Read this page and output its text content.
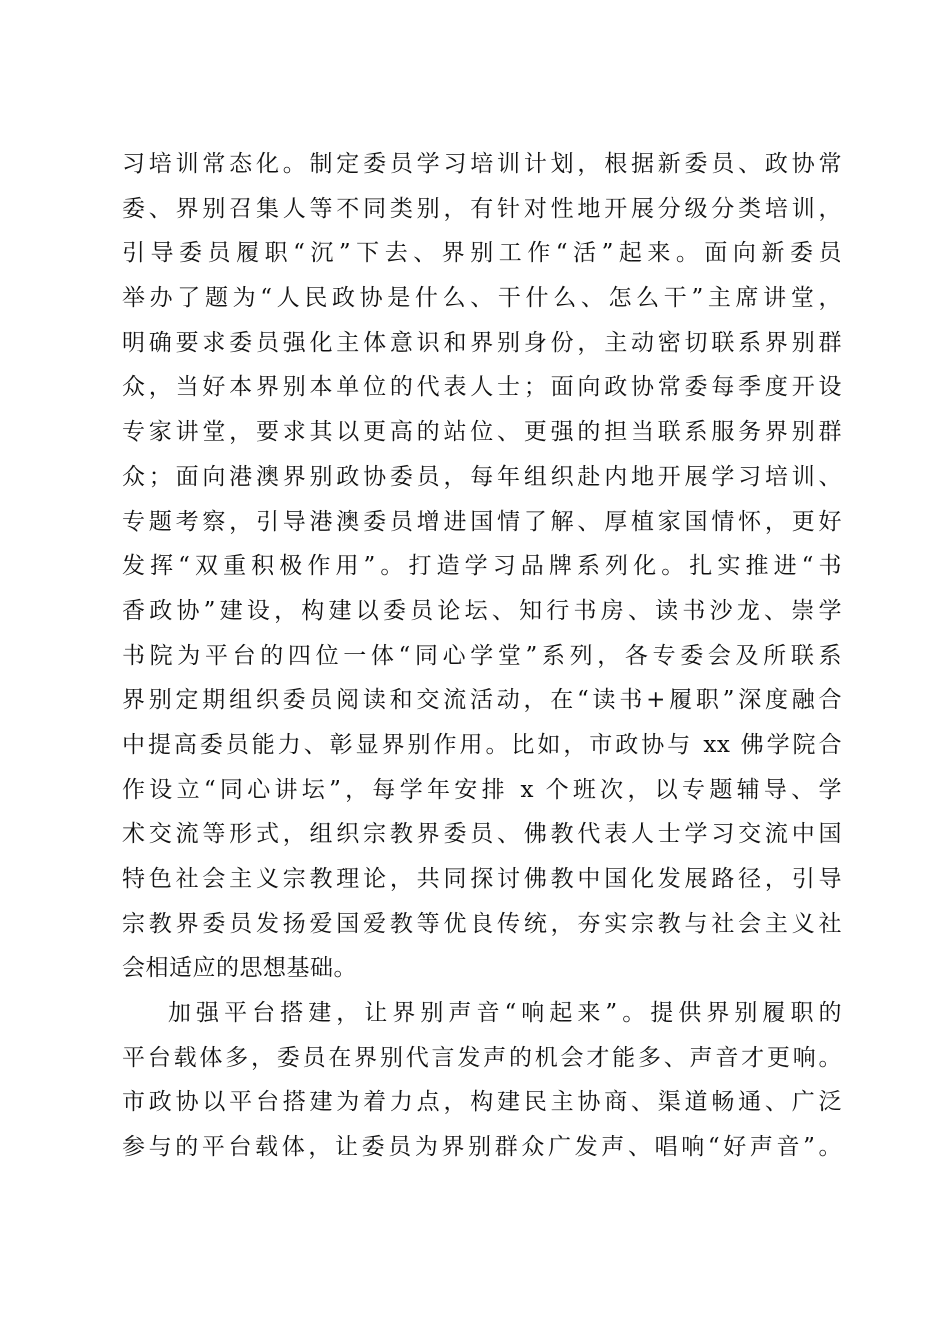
习培训常态化。制定委员学习培训计划，根据新委员、政协常
委、界别召集人等不同类别，有针对性地开展分级分类培训，
引导委员履职“沉”下去、界别工作“活”起来。面向新委员
举办了题为“人民政协是什么、干什么、怎么干”主席讲堂，
明确要求委员强化主体意识和界别身份，主动密切联系界别群
众，当好本界别本单位的代表人士；面向政协常委每季度开设
专家讲堂，要求其以更高的站位、更强的担当联系服务界别群
众；面向港澳界别政协委员，每年组织赴内地开展学习培训、
专题考察，引导港澳委员增进国情了解、厚植家国情怀，更好
发挥“双重积极作用”。打造学习品牌系列化。扎实推进“书
香政协”建设，构建以委员论坛、知行书房、读书沙龙、崇学
书院为平台的四位一体“同心学堂”系列，各专委会及所联系
界别定期组织委员阅读和交流活动，在“读书+履职”深度融合
中提高委员能力、彰显界别作用。比如，市政协与 xx 佛学院合
作设立“同心讲坛”，每学年安排 x 个班次，以专题辅导、学
术交流等形式，组织宗教界委员、佛教代表人士学习交流中国
特色社会主义宗教理论，共同探讨佛教中国化发展路径，引导
宗教界委员发扬爱国爱教等优良传统，夯实宗教与社会主义社
会相适应的思想基础。
加强平台搭建，让界别声音“响起来”。提供界别履职的
平台载体多，委员在界别代言发声的机会才能多、声音才更响。
市政协以平台搭建为着力点，构建民主协商、渠道畅通、广泛
参与的平台载体，让委员为界别群众广发声、唱响“好声音”。
